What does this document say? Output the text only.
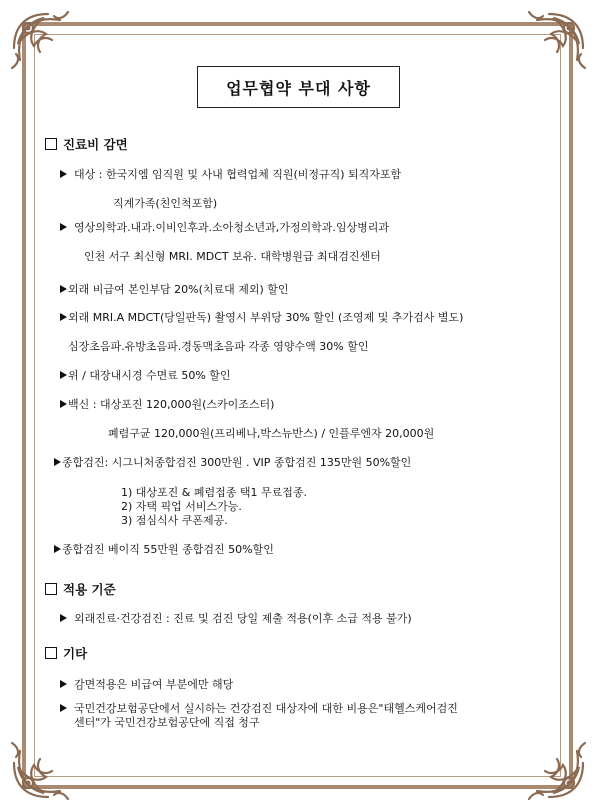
업무협약 부대 사항
진료비 감면
대상 : 한국지엠 임직원 및 사내 협력업체 직원(비정규직) 퇴직자포함
직계가족(친인척포함)
영상의학과.내과.이비인후과.소아청소년과,가정의학과.임상병리과
인천 서구 최신형 MRI. MDCT 보유. 대학병원급 최대검진센터
외래 비급여 본인부담 20%(치료대 제외) 할인
외래 MRI.A MDCT(당일판독) 촬영시 부위당 30% 할인 (조영제 및 추가검사 별도)
심장초음파.유방초음파.경동맥초음파 각종 영양수액 30% 할인
위 / 대장내시경 수면료 50% 할인
백신 : 대상포진 120,000원(스카이조스터)
폐렴구균 120,000원(프리베나,박스뉴반스) / 인플루엔자 20,000원
종합검진: 시그니처종합검진 300만원 . VIP 종합검진 135만원 50%할인
1) 대상포진 & 폐렴접종 택1 무료접종.
2) 자택 픽업 서비스가능.
3) 점심식사 쿠폰제공.
종합검진 베이직 55만원 종합검진 50%할인
적용 기준
외래진료·건강검진 : 진료 및 검진 당일 제출 적용(이후 소급 적용 불가)
기타
감면적용은 비급여 부분에만 해당
국민건강보험공단에서 실시하는 건강검진 대상자에 대한 비용은"태헬스케어검진
센터"가 국민건강보험공단에 직접 청구
